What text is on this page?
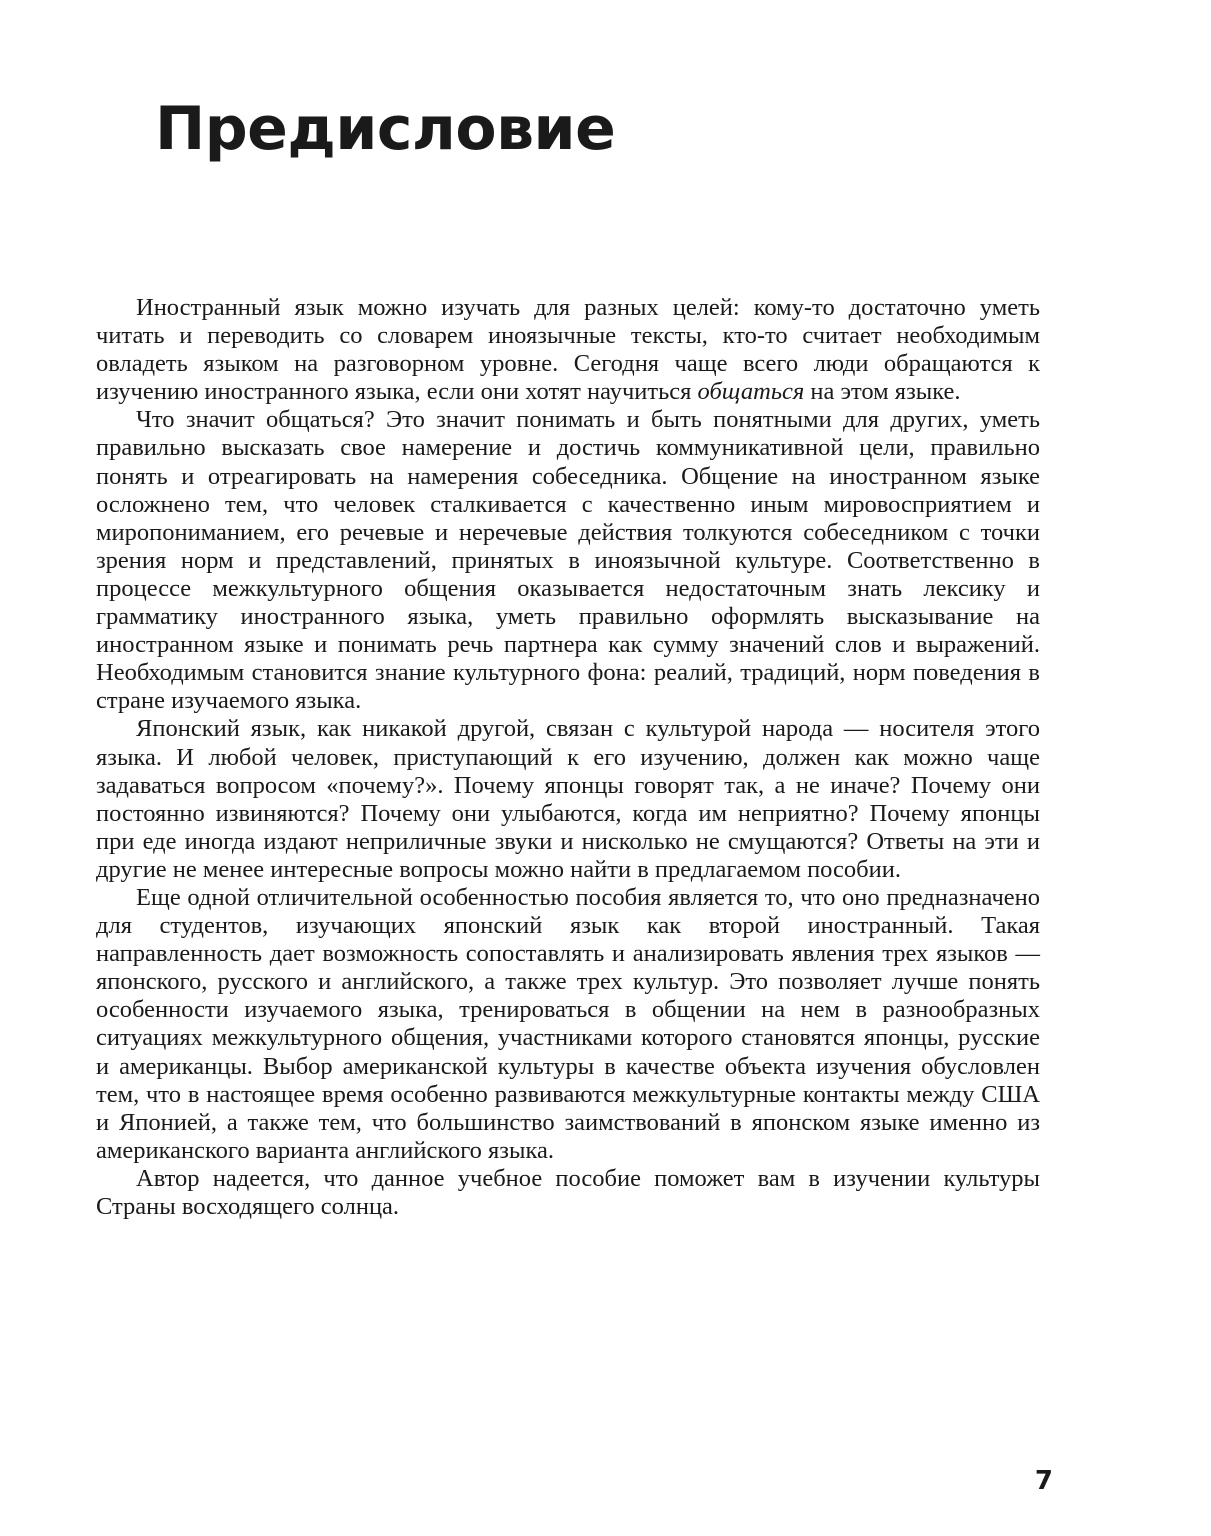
Предисловие

Иностранный язык можно изучать для разных целей: кому-то достаточно уметь читать и переводить со словарем иноязычные тексты, кто-то считает необходимым овладеть языком на разговорном уровне. Сегодня чаще всего люди обращаются к изучению иностранного языка, если они хотят научиться общаться на этом языке.

Что значит общаться? Это значит понимать и быть понятными для других, уметь правильно высказать свое намерение и достичь коммуникативной цели, правильно понять и отреагировать на намерения собеседника. Общение на иностранном языке осложнено тем, что человек сталкивается с качественно иным мировосприятием и миропониманием, его речевые и неречевые действия толкуются собеседником с точки зрения норм и представлений, принятых в иноязычной культуре. Соответственно в процессе межкультурного общения оказывается недостаточным знать лексику и грамматику иностранного языка, уметь правильно оформлять высказывание на иностранном языке и понимать речь партнера как сумму значений слов и выражений. Необходимым становится знание культурного фона: реалий, традиций, норм поведения в стране изучаемого языка.

Японский язык, как никакой другой, связан с культурой народа — носителя этого языка. И любой человек, приступающий к его изучению, должен как можно чаще задаваться вопросом «почему?». Почему японцы говорят так, а не иначе? Почему они постоянно извиняются? Почему они улыбаются, когда им неприятно? Почему японцы при еде иногда издают неприличные звуки и нисколько не смущаются? Ответы на эти и другие не менее интересные вопросы можно найти в предлагаемом пособии.

Еще одной отличительной особенностью пособия является то, что оно предназначено для студентов, изучающих японский язык как второй иностранный. Такая направленность дает возможность сопоставлять и анализировать явления трех языков — японского, русского и английского, а также трех культур. Это позволяет лучше понять особенности изучаемого языка, тренироваться в общении на нем в разнообразных ситуациях межкультурного общения, участниками которого становятся японцы, русские и американцы. Выбор американской культуры в качестве объекта изучения обусловлен тем, что в настоящее время особенно развиваются межкультурные контакты между США и Японией, а также тем, что большинство заимствований в японском языке именно из американского варианта английского языка.

Автор надеется, что данное учебное пособие поможет вам в изучении культуры Страны восходящего солнца.

7
